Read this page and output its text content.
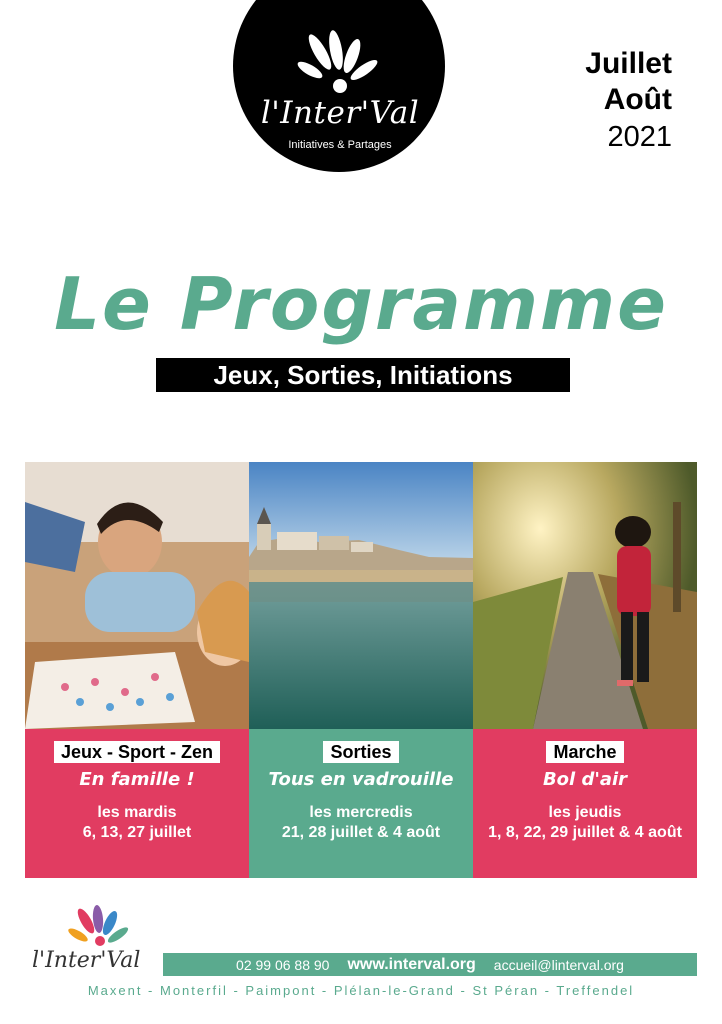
l'Inter'Val
Initiatives & Partages
Juillet
Août
2021
Le Programme
Jeux, Sorties, Initiations
Jeux - Sport - Zen
En famille !
les mardis
6, 13, 27 juillet
Sorties
Tous en vadrouille
les mercredis
21, 28 juillet & 4 août
Marche
Bol d'air
les jeudis
1, 8, 22, 29 juillet & 4 août
l'Inter'Val	02 99 06 88 90 www.interval.org accueil@linterval.org
Maxent - Monterfil - Paimpont - Plélan-le-Grand - St Péran - Treffendel
